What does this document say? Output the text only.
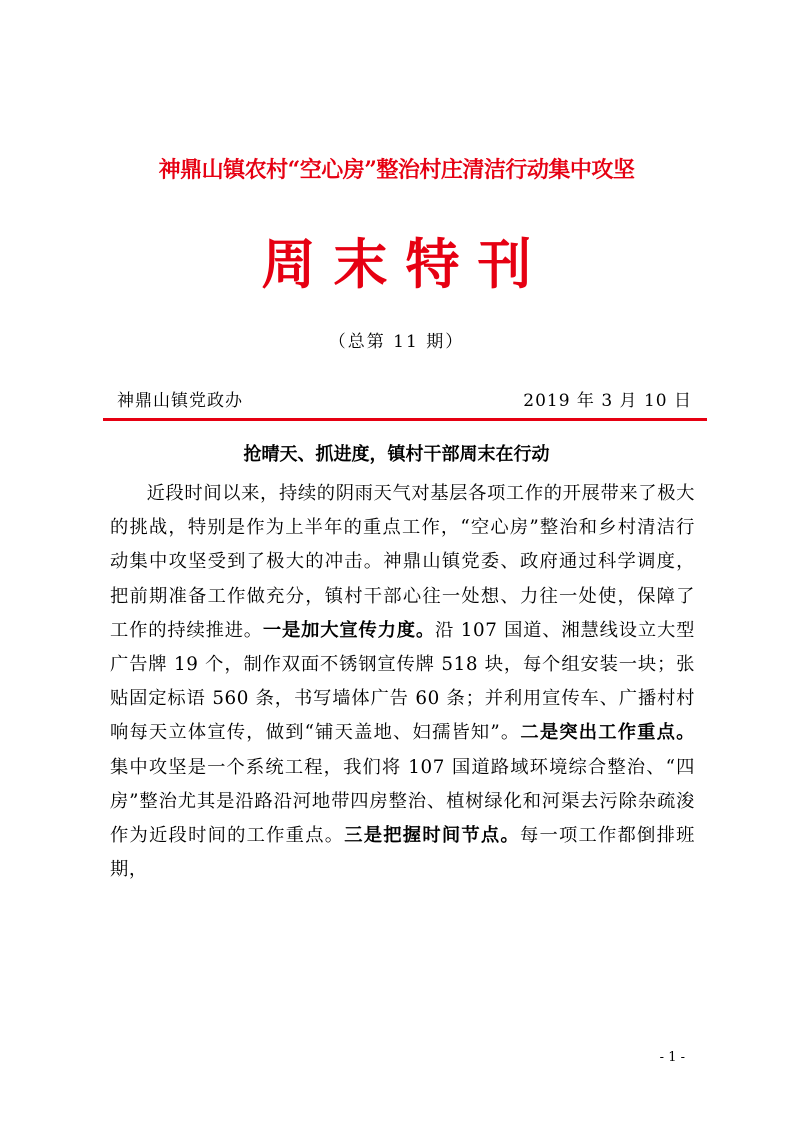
神鼎山镇农村“空心房”整治村庄清洁行动集中攻坚
周末特刊
（总第 11 期）
神鼎山镇党政办	2019 年 3 月 10 日
抢晴天、抓进度，镇村干部周末在行动
近段时间以来，持续的阴雨天气对基层各项工作的开展带来了极大的挑战，特别是作为上半年的重点工作，“空心房”整治和乡村清洁行动集中攻坚受到了极大的冲击。神鼎山镇党委、政府通过科学调度，把前期准备工作做充分，镇村干部心往一处想、力往一处使，保障了工作的持续推进。一是加大宣传力度。沿 107 国道、湘慧线设立大型广告牌 19 个，制作双面不锈钢宣传牌 518 块，每个组安装一块；张贴固定标语 560 条，书写墙体广告 60 条；并利用宣传车、广播村村响每天立体宣传，做到“铺天盖地、妇孺皆知”。二是突出工作重点。集中攻坚是一个系统工程，我们将 107 国道路域环境综合整治、“四房”整治尤其是沿路沿河地带四房整治、植树绿化和河渠去污除杂疏浚作为近段时间的工作重点。三是把握时间节点。每一项工作都倒排班期，
- 1 -
